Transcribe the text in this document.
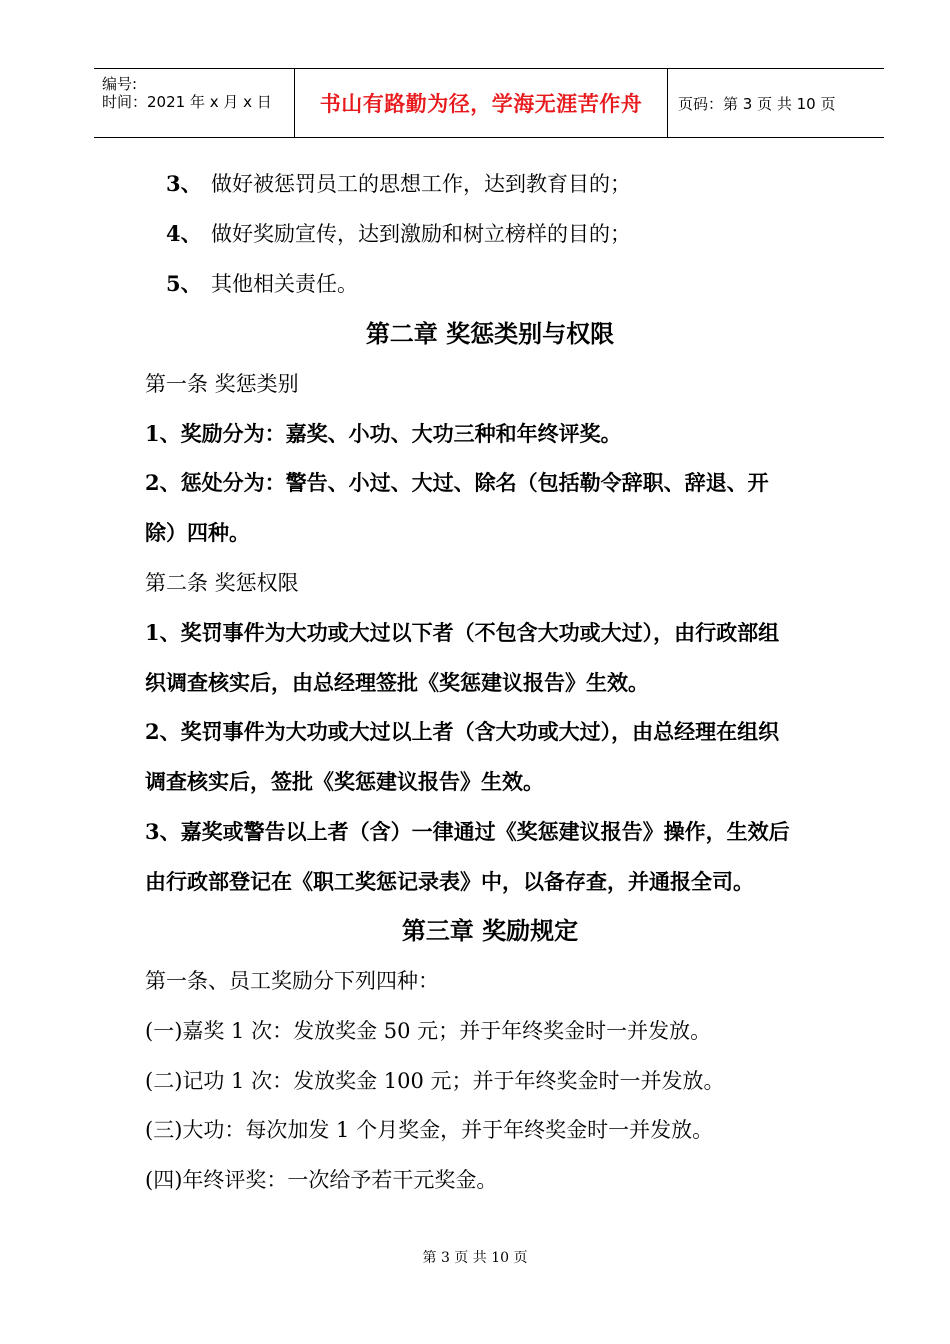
编号:
时间：2021 年 x 月 x 日 书山有路勤为径，学海无涯苦作舟 页码：第 3 页 共 10 页
3、 做好被惩罚员工的思想工作，达到教育目的；
4、 做好奖励宣传，达到激励和树立榜样的目的；
5、 其他相关责任。
第二章 奖惩类别与权限
第一条 奖惩类别
1、奖励分为：嘉奖、小功、大功三种和年终评奖。
2、惩处分为：警告、小过、大过、除名（包括勒令辞职、辞退、开
除）四种。
第二条 奖惩权限
1、奖罚事件为大功或大过以下者（不包含大功或大过），由行政部组
织调查核实后，由总经理签批《奖惩建议报告》生效。
2、奖罚事件为大功或大过以上者（含大功或大过），由总经理在组织
调查核实后，签批《奖惩建议报告》生效。
3、嘉奖或警告以上者（含）一律通过《奖惩建议报告》操作，生效后
由行政部登记在《职工奖惩记录表》中，以备存查，并通报全司。
第三章 奖励规定
第一条、员工奖励分下列四种：
(一)嘉奖 1 次：发放奖金 50 元；并于年终奖金时一并发放。
(二)记功 1 次：发放奖金 100 元；并于年终奖金时一并发放。
(三)大功：每次加发 1 个月奖金，并于年终奖金时一并发放。
(四)年终评奖：一次给予若干元奖金。
第 3 页 共 10 页
